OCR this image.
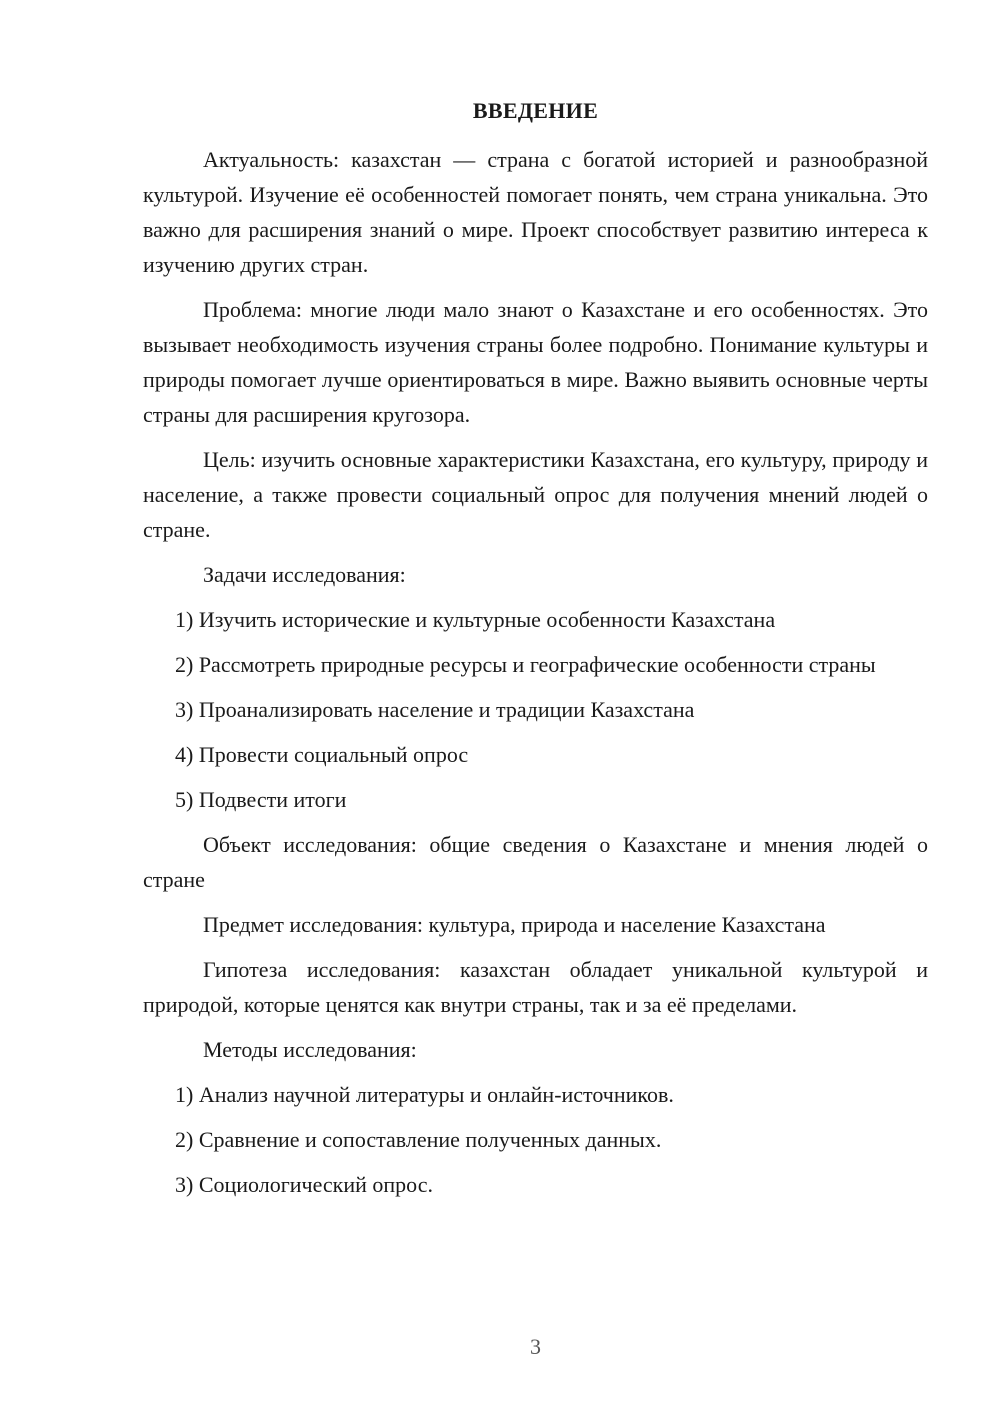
ВВЕДЕНИЕ

Актуальность: казахстан — страна с богатой историей и разнообразной культурой. Изучение её особенностей помогает понять, чем страна уникальна. Это важно для расширения знаний о мире. Проект способствует развитию интереса к изучению других стран.

Проблема: многие люди мало знают о Казахстане и его особенностях. Это вызывает необходимость изучения страны более подробно. Понимание культуры и природы помогает лучше ориентироваться в мире. Важно выявить основные черты страны для расширения кругозора.

Цель: изучить основные характеристики Казахстана, его культуру, природу и население, а также провести социальный опрос для получения мнений людей о стране.

Задачи исследования:

1) Изучить исторические и культурные особенности Казахстана

2) Рассмотреть природные ресурсы и географические особенности страны

3) Проанализировать население и традиции Казахстана

4) Провести социальный опрос

5) Подвести итоги

Объект исследования: общие сведения о Казахстане и мнения людей о стране

Предмет исследования: культура, природа и население Казахстана

Гипотеза исследования: казахстан обладает уникальной культурой и природой, которые ценятся как внутри страны, так и за её пределами.

Методы исследования:

1) Анализ научной литературы и онлайн-источников.

2) Сравнение и сопоставление полученных данных.

3) Социологический опрос.

3
